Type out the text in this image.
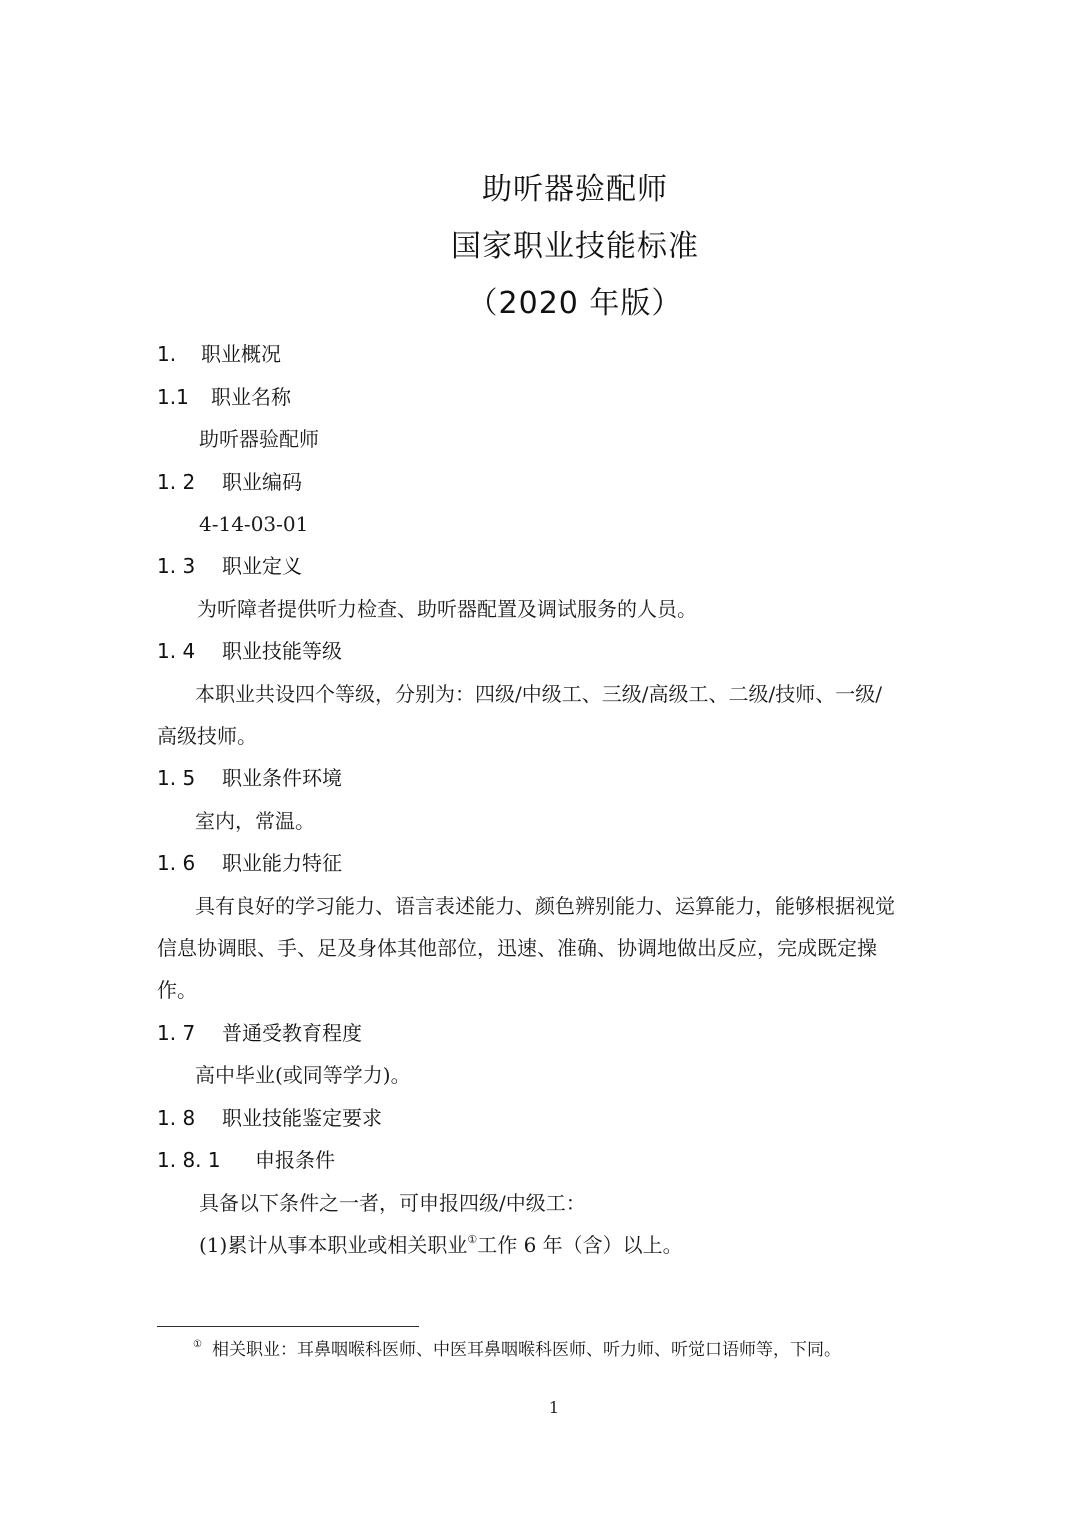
助听器验配师
国家职业技能标准
（2020 年版）
1. 职业概况
1.1 职业名称
助听器验配师
1. 2 职业编码
4-14-03-01
1. 3 职业定义
为听障者提供听力检查、助听器配置及调试服务的人员。
1. 4 职业技能等级
本职业共设四个等级，分别为：四级/中级工、三级/高级工、二级/技师、一级/
高级技师。
1. 5 职业条件环境
室内，常温。
1. 6 职业能力特征
具有良好的学习能力、语言表述能力、颜色辨别能力、运算能力，能够根据视觉
信息协调眼、手、足及身体其他部位，迅速、准确、协调地做出反应，完成既定操
作。
1. 7 普通受教育程度
高中毕业(或同等学力)。
1. 8 职业技能鉴定要求
1. 8. 1 申报条件
具备以下条件之一者，可申报四级/中级工：
(1)累计从事本职业或相关职业①工作 6 年（含）以上。
① 相关职业：耳鼻咽喉科医师、中医耳鼻咽喉科医师、听力师、听觉口语师等，下同。
1
